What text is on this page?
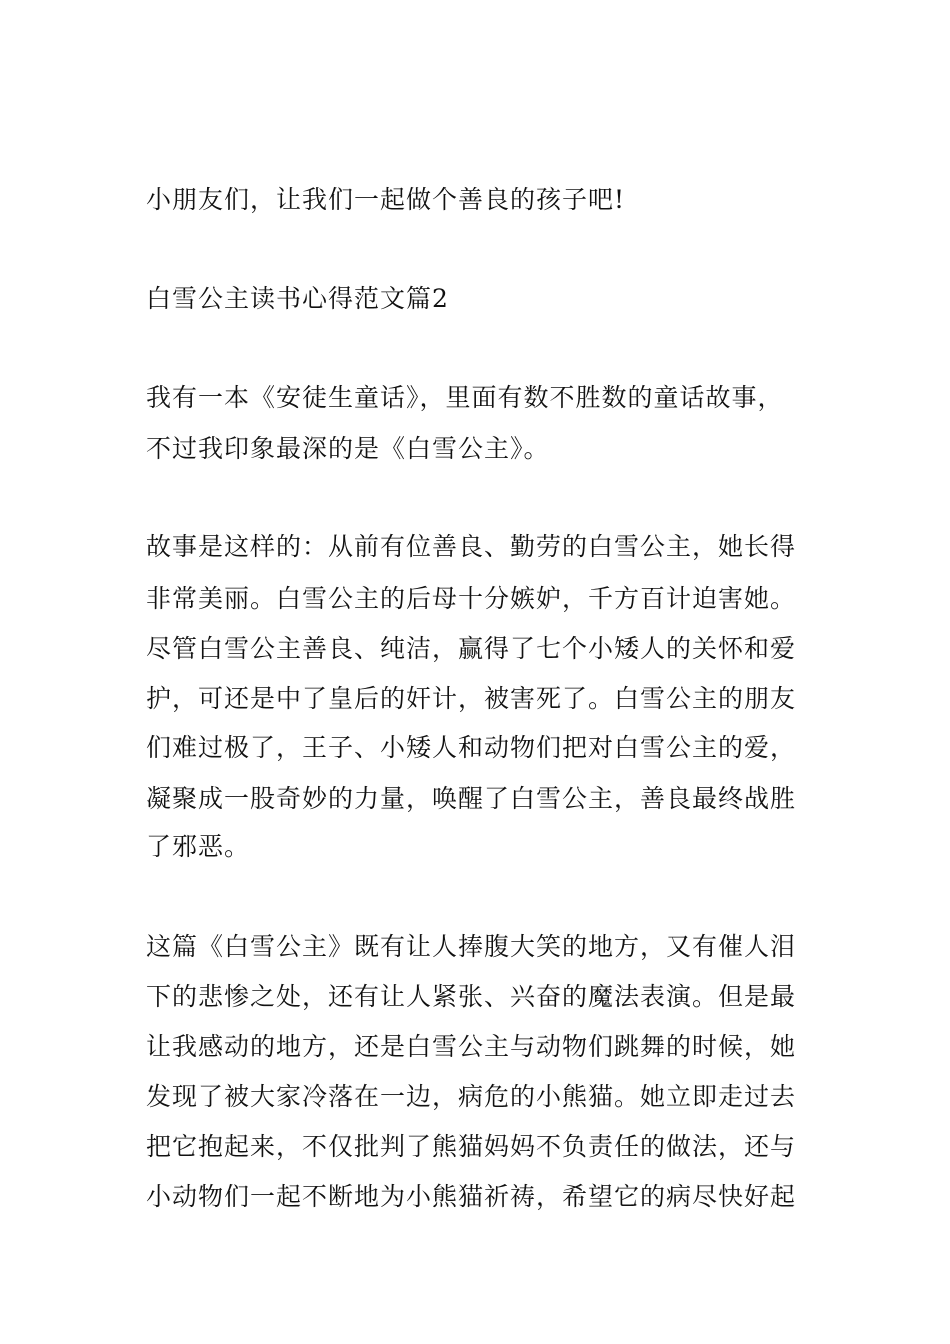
小朋友们，让我们一起做个善良的孩子吧!
白雪公主读书心得范文篇2
我有一本《安徒生童话》，里面有数不胜数的童话故事，
不过我印象最深的是《白雪公主》。
故事是这样的：从前有位善良、勤劳的白雪公主，她长得
非常美丽。白雪公主的后母十分嫉妒，千方百计迫害她。
尽管白雪公主善良、纯洁，赢得了七个小矮人的关怀和爱
护，可还是中了皇后的奸计，被害死了。白雪公主的朋友
们难过极了，王子、小矮人和动物们把对白雪公主的爱，
凝聚成一股奇妙的力量，唤醒了白雪公主，善良最终战胜
了邪恶。
这篇《白雪公主》既有让人捧腹大笑的地方，又有催人泪
下的悲惨之处，还有让人紧张、兴奋的魔法表演。但是最
让我感动的地方，还是白雪公主与动物们跳舞的时候，她
发现了被大家冷落在一边，病危的小熊猫。她立即走过去
把它抱起来，不仅批判了熊猫妈妈不负责任的做法，还与
小动物们一起不断地为小熊猫祈祷，希望它的病尽快好起
